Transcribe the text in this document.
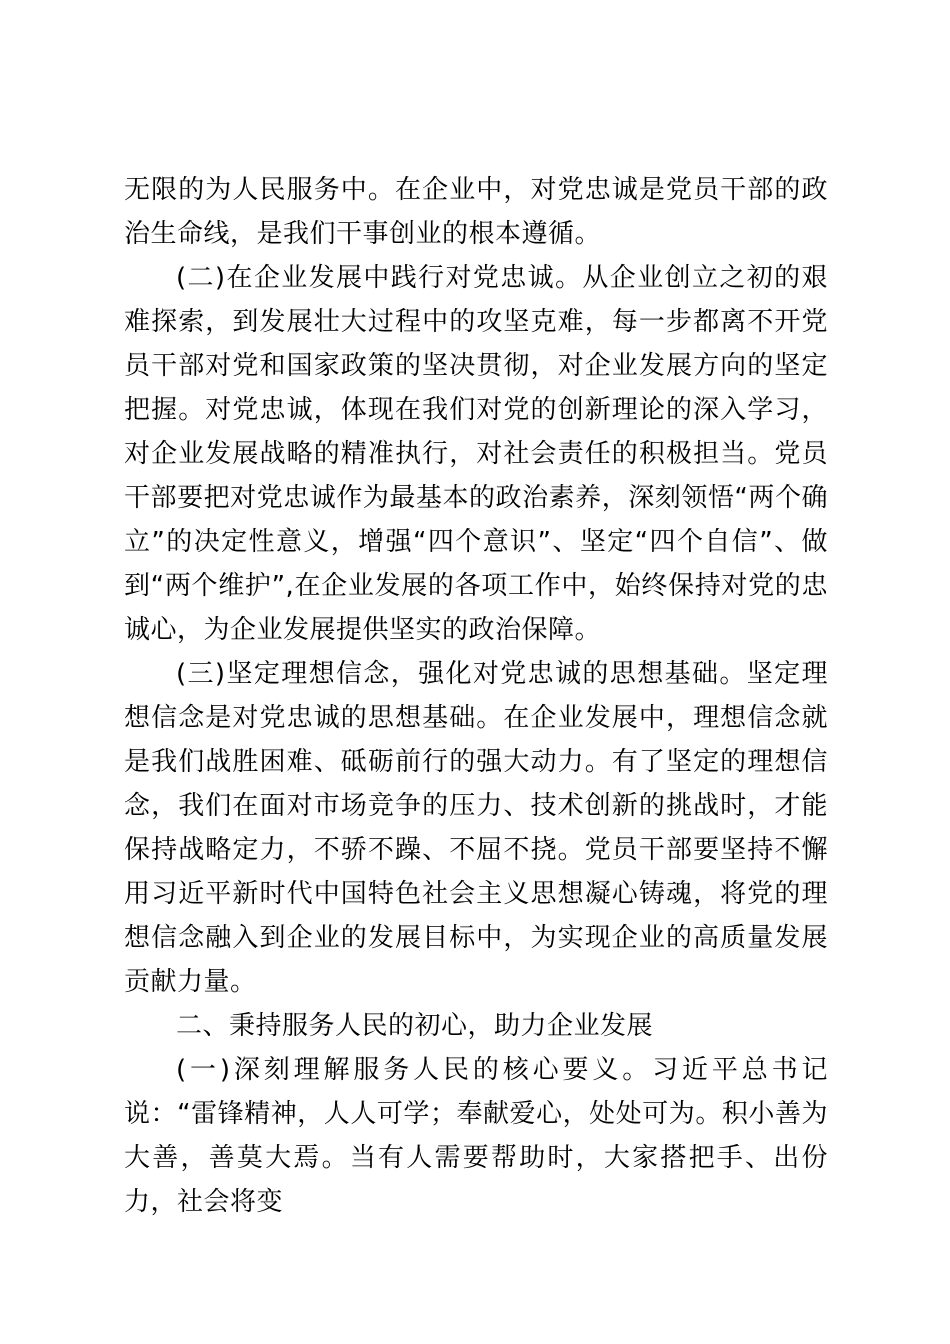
无限的为人民服务中。在企业中，对党忠诚是党员干部的政治生命线，是我们干事创业的根本遵循。

(二)在企业发展中践行对党忠诚。从企业创立之初的艰难探索，到发展壮大过程中的攻坚克难，每一步都离不开党员干部对党和国家政策的坚决贯彻，对企业发展方向的坚定把握。对党忠诚，体现在我们对党的创新理论的深入学习，对企业发展战略的精准执行，对社会责任的积极担当。党员干部要把对党忠诚作为最基本的政治素养，深刻领悟“两个确立”的决定性意义，增强“四个意识”、坚定“四个自信”、做到“两个维护”,在企业发展的各项工作中，始终保持对党的忠诚心，为企业发展提供坚实的政治保障。

(三)坚定理想信念，强化对党忠诚的思想基础。坚定理想信念是对党忠诚的思想基础。在企业发展中，理想信念就是我们战胜困难、砥砺前行的强大动力。有了坚定的理想信念，我们在面对市场竞争的压力、技术创新的挑战时，才能保持战略定力，不骄不躁、不屈不挠。党员干部要坚持不懈用习近平新时代中国特色社会主义思想凝心铸魂，将党的理想信念融入到企业的发展目标中，为实现企业的高质量发展贡献力量。

二、秉持服务人民的初心，助力企业发展

(一)深刻理解服务人民的核心要义。习近平总书记说：“雷锋精神，人人可学；奉献爱心，处处可为。积小善为大善，善莫大焉。当有人需要帮助时，大家搭把手、出份力，社会将变
